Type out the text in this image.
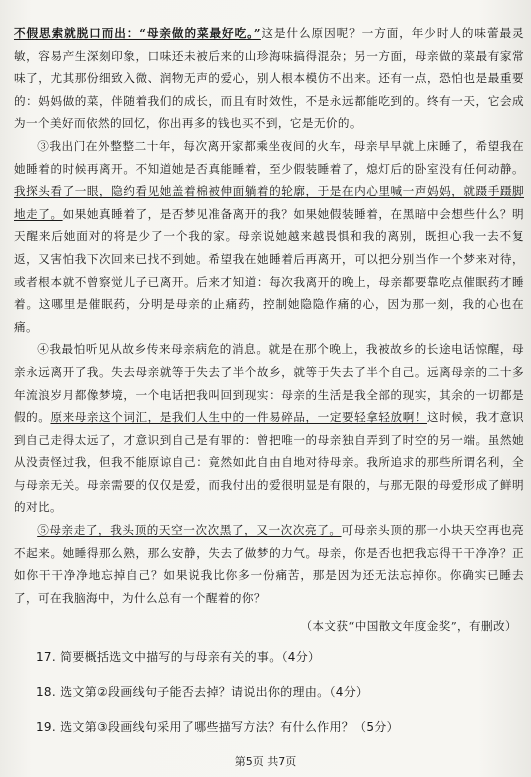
不假思索就脱口而出：“母亲做的菜最好吃。”这是什么原因呢？一方面，年少时人的味蕾最灵敏，容易产生深刻印象，口味还未被后来的山珍海味搞得混杂；另一方面，母亲做的菜最有家常味了，尤其那份细致入微、润物无声的爱心，别人根本模仿不出来。还有一点，恐怕也是最重要的：妈妈做的菜，伴随着我们的成长，而且有时效性，不是永远都能吃到的。终有一天，它会成为一个美好而依然的回忆，你出再多的钱也买不到，它是无价的。

③我出门在外整整二十年，每次离开家都乘坐夜间的火车，母亲早早就上床睡了，希望我在她睡着的时候再离开。不知道她是否真能睡着，至少假装睡着了，熄灯后的卧室没有任何动静。我探头看了一眼，隐约看见她盖着棉被伸面躺着的轮廓，于是在内心里喊一声妈妈，就蹑手蹑脚地走了。如果她真睡着了，是否梦见准备离开的我？如果她假装睡着，在黑暗中会想些什么？明天醒来后她面对的将是少了一个我的家。母亲说她越来越畏惧和我的离别，既担心我一去不复返，又害怕我下次回来已找不到她。希望我在她睡着后再离开，可以把分别当作一个梦来对待，或者根本就不曾察觉儿子已离开。后来才知道：每次我离开的晚上，母亲都要靠吃点催眠药才睡着。这哪里是催眠药，分明是母亲的止痛药，控制她隐隐作痛的心，因为那一刻，我的心也在痛。

④我最怕听见从故乡传来母亲病危的消息。就是在那个晚上，我被故乡的长途电话惊醒，母亲永远离开了我。失去母亲就等于失去了半个故乡，就等于失去了半个自己。远离母亲的二十多年流浪岁月都像梦境，一个电话把我叫回到现实：母亲的生活是我全部的现实，其余的一切都是假的。原来母亲这个词汇，是我们人生中的一件易碎品，一定要轻拿轻放啊！这时候，我才意识到自己走得太远了，才意识到自己是有罪的：曾把唯一的母亲独自弄到了时空的另一端。虽然她从没责怪过我，但我不能原谅自己：竟然如此自由自地对待母亲。我所追求的那些所谓名利，全与母亲无关。母亲需要的仅仅是爱，而我付出的爱很明显是有限的，与那无限的母爱形成了鲜明的对比。

⑤母亲走了，我头顶的天空一次次黑了，又一次次亮了。可母亲头顶的那一小块天空再也亮不起来。她睡得那么熟，那么安静，失去了做梦的力气。母亲，你是否也把我忘得干干净净？正如你干干净净地忘掉自己？如果说我比你多一份痛苦，那是因为还无法忘掉你。你确实已睡去了，可在我脑海中，为什么总有一个醒着的你？

（本文获“中国散文年度金奖”，有删改）
17. 简要概括选文中描写的与母亲有关的事。（4分）
18. 选文第②段画线句子能否去掉？请说出你的理由。（4分）
19. 选文第③段画线句采用了哪些描写方法？有什么作用？（5分）
第5页 共7页
